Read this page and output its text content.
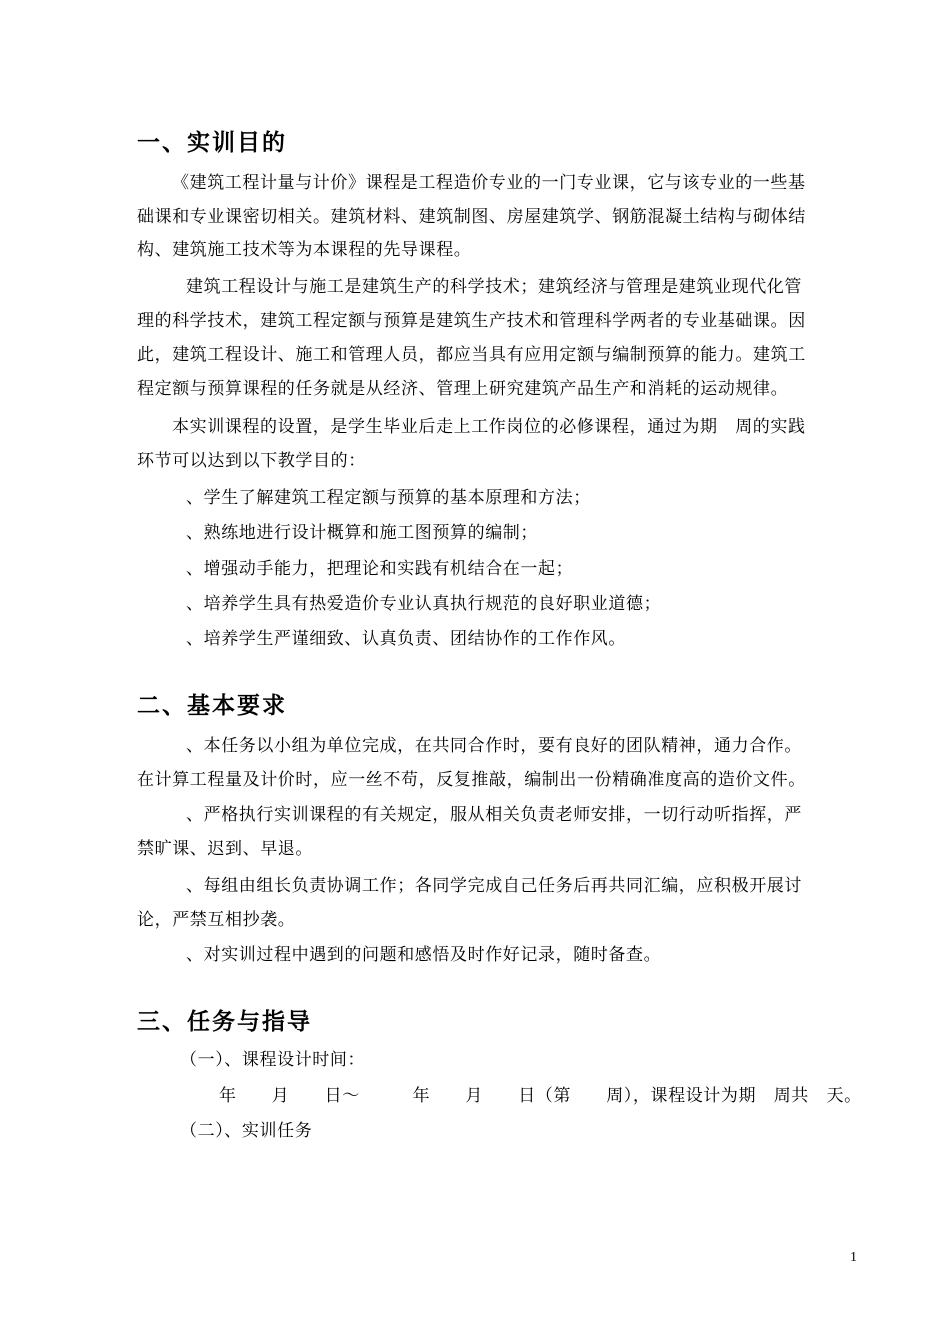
一、实训目的
《建筑工程计量与计价》课程是工程造价专业的一门专业课，它与该专业的一些基
础课和专业课密切相关。建筑材料、建筑制图、房屋建筑学、钢筋混凝土结构与砌体结
构、建筑施工技术等为本课程的先导课程。
建筑工程设计与施工是建筑生产的科学技术；建筑经济与管理是建筑业现代化管
理的科学技术，建筑工程定额与预算是建筑生产技术和管理科学两者的专业基础课。因
此，建筑工程设计、施工和管理人员，都应当具有应用定额与编制预算的能力。建筑工
程定额与预算课程的任务就是从经济、管理上研究建筑产品生产和消耗的运动规律。
本实训课程的设置，是学生毕业后走上工作岗位的必修课程，通过为期　周的实践
环节可以达到以下教学目的：
、学生了解建筑工程定额与预算的基本原理和方法；
、熟练地进行设计概算和施工图预算的编制；
、增强动手能力，把理论和实践有机结合在一起；
、培养学生具有热爱造价专业认真执行规范的良好职业道德；
、培养学生严谨细致、认真负责、团结协作的工作作风。
二、基本要求
、本任务以小组为单位完成，在共同合作时，要有良好的团队精神，通力合作。
在计算工程量及计价时，应一丝不苟，反复推敲，编制出一份精确准度高的造价文件。
、严格执行实训课程的有关规定，服从相关负责老师安排，一切行动听指挥，严
禁旷课、迟到、早退。
、每组由组长负责协调工作；各同学完成自己任务后再共同汇编，应积极开展讨
论，严禁互相抄袭。
、对实训过程中遇到的问题和感悟及时作好记录，随时备查。
三、任务与指导
（一）、课程设计时间：
年　　月　　日～　　　年　　月　　日（第　　周），课程设计为期　周共　天。
（二）、实训任务
1
